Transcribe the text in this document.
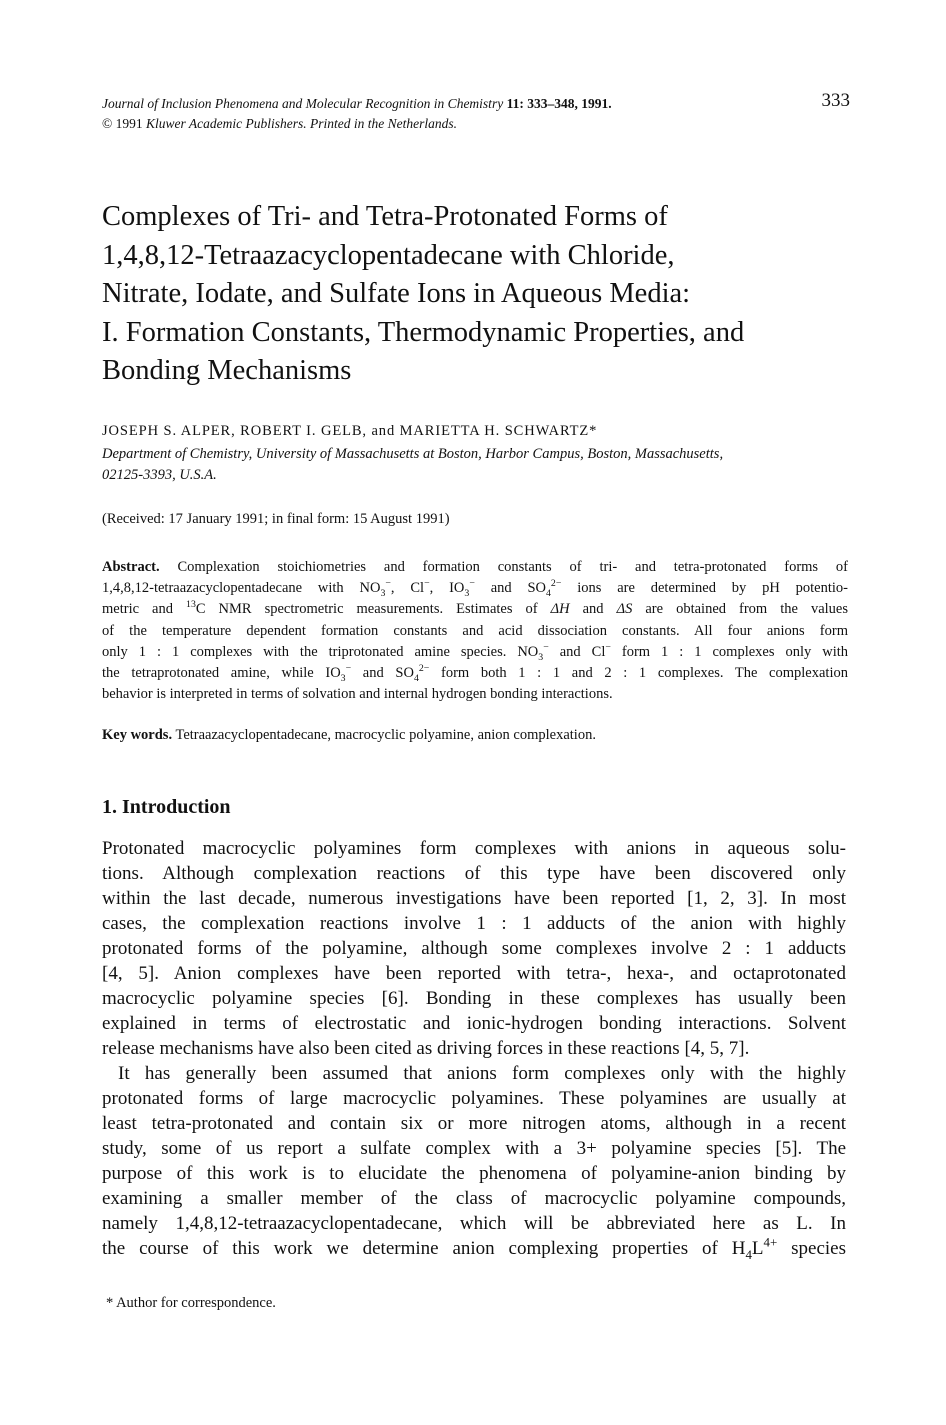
Journal of Inclusion Phenomena and Molecular Recognition in Chemistry 11: 333–348, 1991.
© 1991 Kluwer Academic Publishers. Printed in the Netherlands.
333
Complexes of Tri- and Tetra-Protonated Forms of
1,4,8,12-Tetraazacyclopentadecane with Chloride,
Nitrate, Iodate, and Sulfate Ions in Aqueous Media:
I. Formation Constants, Thermodynamic Properties, and
Bonding Mechanisms
JOSEPH S. ALPER, ROBERT I. GELB, and MARIETTA H. SCHWARTZ*
Department of Chemistry, University of Massachusetts at Boston, Harbor Campus, Boston, Massachusetts,
02125-3393, U.S.A.
(Received: 17 January 1991; in final form: 15 August 1991)
Abstract. Complexation stoichiometries and formation constants of tri- and tetra-protonated forms of
1,4,8,12-tetraazacyclopentadecane with $NO_3^-$, Cl−, $IO_3^-$ and $SO_4^{2-}$ ions are determined by pH potentio-
metric and $^{13}$C NMR spectrometric measurements. Estimates of ΔH and ΔS are obtained from the values
of the temperature dependent formation constants and acid dissociation constants. All four anions form
only 1 : 1 complexes with the triprotonated amine species. $NO_3^-$ and Cl− form 1 : 1 complexes only with
the tetraprotonated amine, while $IO_3^-$ and $SO_4^{2-}$ form both 1 : 1 and 2 : 1 complexes. The complexation
behavior is interpreted in terms of solvation and internal hydrogen bonding interactions.
Key words. Tetraazacyclopentadecane, macrocyclic polyamine, anion complexation.
1. Introduction
Protonated macrocyclic polyamines form complexes with anions in aqueous solu-
tions. Although complexation reactions of this type have been discovered only
within the last decade, numerous investigations have been reported [1, 2, 3]. In most
cases, the complexation reactions involve 1 : 1 adducts of the anion with highly
protonated forms of the polyamine, although some complexes involve 2 : 1 adducts
[4, 5]. Anion complexes have been reported with tetra-, hexa-, and octaprotonated
macrocyclic polyamine species [6]. Bonding in these complexes has usually been
explained in terms of electrostatic and ionic-hydrogen bonding interactions. Solvent
release mechanisms have also been cited as driving forces in these reactions [4, 5, 7].
It has generally been assumed that anions form complexes only with the highly
protonated forms of large macrocyclic polyamines. These polyamines are usually at
least tetra-protonated and contain six or more nitrogen atoms, although in a recent
study, some of us report a sulfate complex with a 3+ polyamine species [5]. The
purpose of this work is to elucidate the phenomena of polyamine-anion binding by
examining a smaller member of the class of macrocyclic polyamine compounds,
namely 1,4,8,12-tetraazacyclopentadecane, which will be abbreviated here as L. In
the course of this work we determine anion complexing properties of $H_4L^{4+}$ species
* Author for correspondence.
